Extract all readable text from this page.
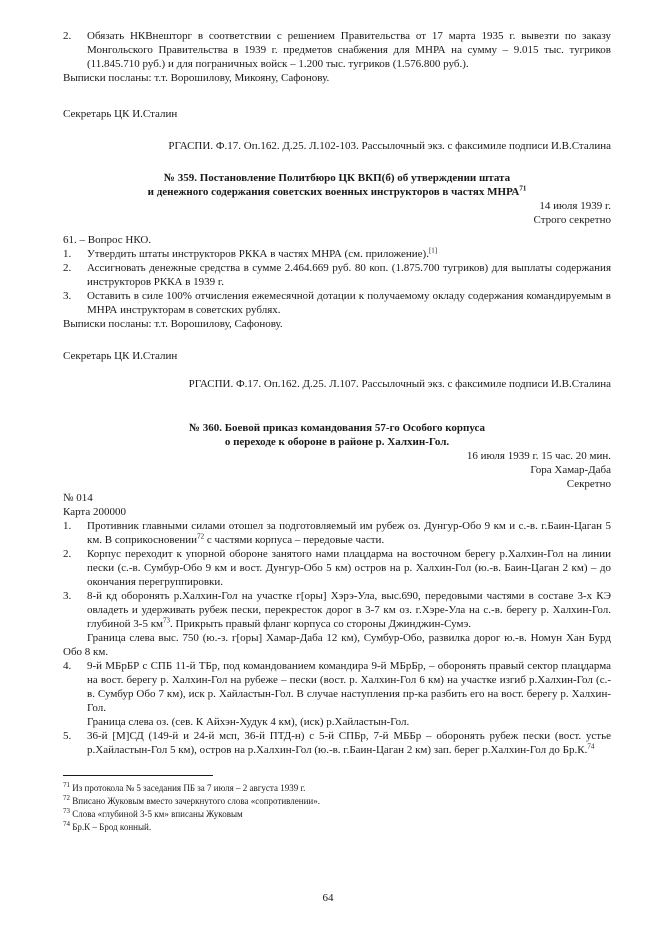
2.	Обязать НКВнешторг в соответствии с решением Правительства от 17 марта 1935 г. вывезти по заказу Монгольского Правительства в 1939 г. предметов снабжения для МНРА на сумму – 9.015 тыс. тугриков (11.845.710 руб.) и для пограничных войск – 1.200 тыс. тугриков (1.576.800 руб.).

Выписки посланы: т.т. Ворошилову, Микояну, Сафонову.

Секретарь ЦК И.Сталин

РГАСПИ. Ф.17. Оп.162. Д.25. Л.102-103. Рассылочный экз. с факсимиле подписи И.В.Сталина

№ 359. Постановление Политбюро ЦК ВКП(б) об утверждении штата

и денежного содержания советских военных инструкторов в частях МНРА$^{71}$

14 июля 1939 г.

Строго секретно

61. – Вопрос НКО.

1.	Утвердить штаты инструкторов РККА в частях МНРА (см. приложение).[1]

2.	Ассигновать денежные средства в сумме 2.464.669 руб. 80 коп. (1.875.700 тугриков) для выплаты содержания инструкторов РККА в 1939 г.

3.	Оставить в силе 100% отчисления ежемесячной дотации к получаемому окладу содержания командируемым в МНРА инструкторам в советских рублях.

Выписки посланы: т.т. Ворошилову, Сафонову.

Секретарь ЦК И.Сталин

РГАСПИ. Ф.17. Оп.162. Д.25. Л.107. Рассылочный экз. с факсимиле подписи И.В.Сталина

№ 360. Боевой приказ командования 57-го Особого корпуса

о переходе к обороне в районе р. Халхин-Гол.

16 июля 1939 г. 15 час. 20 мин.

Гора Хамар-Даба

Секретно

№ 014

Карта 200000

1.	Противник главными силами отошел за подготовляемый им рубеж оз. Дунгур-Обо 9 км и с.-в. г.Баин-Цаган 5 км. В соприкосновении$^{72}$ с частями корпуса – передовые части.

2.	Корпус переходит к упорной обороне занятого нами плацдарма на восточном берегу р.Халхин-Гол на линии пески (с.-в. Сумбур-Обо 9 км и вост. Дунгур-Обо 5 км) остров на р. Халхин-Гол (ю.-в. Баин-Цаган 2 км) – до окончания перегруппировки.

3.	8-й кд оборонять р.Халхин-Гол на участке г[оры] Хэрэ-Ула, выс.690, передовыми частями в составе 3-х КЭ овладеть и удерживать рубеж пески, перекресток дорог в 3-7 км оз. г.Хэре-Ула на с.-в. берегу р. Халхин-Гол. глубиной 3-5 $км^{73}$. Прикрыть правый фланг корпуса со стороны Джинджин-Сумэ.

Граница слева выс. 750 (ю.-з. г[оры] Хамар-Даба 12 км), Сумбур-Обо, развилка дорог ю.-в. Номун Хан Бурд Обо 8 км.

4.	9-й МБрБР с СПБ 11-й ТБр, под командованием командира 9-й МБрБр, – оборонять правый сектор плацдарма на вост. берегу р. Халхин-Гол на рубеже – пески (вост. р. Халхин-Гол 6 км) на участке изгиб р.Халхин-Гол (с.-в. Сумбур Обо 7 км), иск р. Хайластын-Гол. В случае наступления пр-ка разбить его на вост. берегу р. Халхин-Гол.

Граница слева оз. (сев. К Айхэн-Худук 4 км), (иск) р.Хайластын-Гол.

5.	36-й [М]СД (149-й и 24-й мсп, 36-й ПТД-н) с 5-й СПБр, 7-й МББр – оборонять рубеж пески (вост. устье р.Хайластын-Гол 5 км), остров на р.Халхин-Гол (ю.-в. г.Баин-Цаган 2 км) зап. берег р.Халхин-Гол до Бр.К.$^{74}$

$^{71}$ Из протокола № 5 заседания ПБ за 7 июля – 2 августа 1939 г.

$^{72}$ Вписано Жуковым вместо зачеркнутого слова «сопротивлении».

$^{73}$ Слова «глубиной 3-5 км» вписаны Жуковым

$^{74}$ Бр.К – Брод конный.

64
